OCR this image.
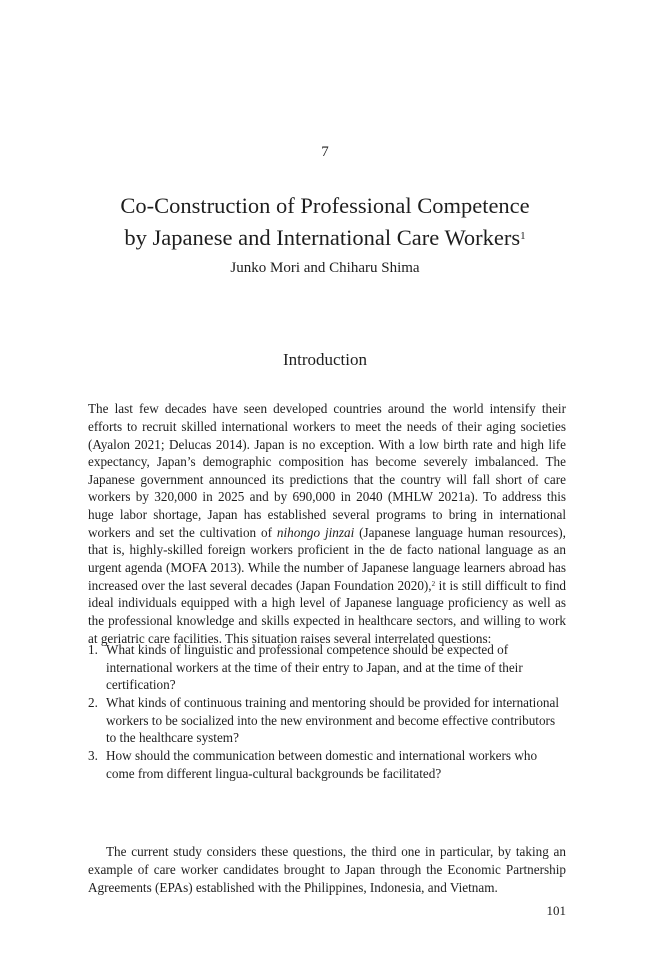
7
Co-Construction of Professional Competence
by Japanese and International Care Workers$^1$
Junko Mori and Chiharu Shima
Introduction

The last few decades have seen developed countries around the world intensify their efforts to recruit skilled international workers to meet the needs of their aging societies (Ayalon 2021; Delucas 2014). Japan is no exception. With a low birth rate and high life expectancy, Japan’s demographic composition has become severely imbalanced. The Japanese government announced its predictions that the country will fall short of care workers by 320,000 in 2025 and by 690,000 in 2040 (MHLW 2021a). To address this huge labor shortage, Japan has established several programs to bring in international workers and set the cultivation of nihongo jinzai (Japanese language human resources), that is, highly-skilled foreign workers proficient in the de facto national language as an urgent agenda (MOFA 2013). While the number of Japanese language learners abroad has increased over the last several decades (Japan Foundation 2020),$^2$ it is still difficult to find ideal individuals equipped with a high level of Japanese language proficiency as well as the professional knowledge and skills expected in healthcare sectors, and willing to work at geriatric care facilities. This situation raises several interrelated questions:

1. What kinds of linguistic and professional competence should be expected of international workers at the time of their entry to Japan, and at the time of their certification?
2. What kinds of continuous training and mentoring should be provided for international workers to be socialized into the new environment and become effective contributors to the healthcare system?
3. How should the communication between domestic and international workers who come from different lingua-cultural backgrounds be facilitated?

The current study considers these questions, the third one in particular, by taking an example of care worker candidates brought to Japan through the Economic Partnership Agreements (EPAs) established with the Philippines, Indonesia, and Vietnam.

101
